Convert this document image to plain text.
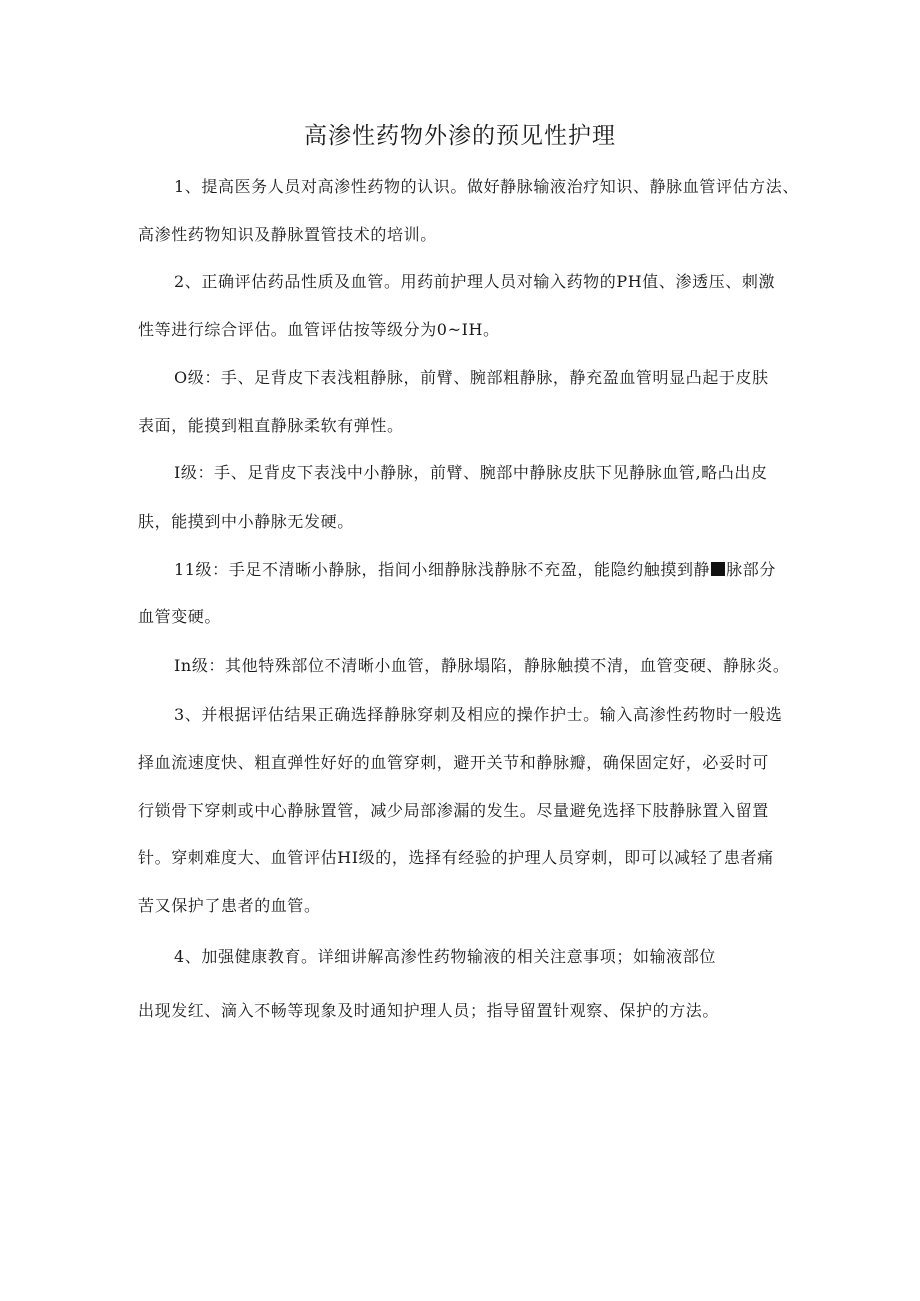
高渗性药物外渗的预见性护理
1、提高医务人员对高渗性药物的认识。做好静脉输液治疗知识、静脉血管评估方法、
高渗性药物知识及静脉置管技术的培训。
2、正确评估药品性质及血管。用药前护理人员对输入药物的PH值、渗透压、刺激
性等进行综合评估。血管评估按等级分为0~IH。
O级：手、足背皮下表浅粗静脉，前臂、腕部粗静脉，静充盈血管明显凸起于皮肤
表面，能摸到粗直静脉柔软有弹性。
I级：手、足背皮下表浅中小静脉，前臂、腕部中静脉皮肤下见静脉血管,略凸出皮
肤，能摸到中小静脉无发硬。
11级：手足不清晰小静脉，指间小细静脉浅静脉不充盈，能隐约触摸到静 脉部分
血管变硬。
In级：其他特殊部位不清晰小血管，静脉塌陷，静脉触摸不清，血管变硬、静脉炎。
3、并根据评估结果正确选择静脉穿刺及相应的操作护士。输入高渗性药物时一般选
择血流速度快、粗直弹性好好的血管穿刺，避开关节和静脉瓣，确保固定好，必妥时可
行锁骨下穿刺或中心静脉置管，减少局部渗漏的发生。尽量避免选择下肢静脉置入留置
针。穿刺难度大、血管评估HI级的，选择有经验的护理人员穿刺，即可以减轻了患者痛
苦又保护了患者的血管。
4、加强健康教育。详细讲解高渗性药物输液的相关注意事项；如输液部位
出现发红、滴入不畅等现象及时通知护理人员；指导留置针观察、保护的方法。
